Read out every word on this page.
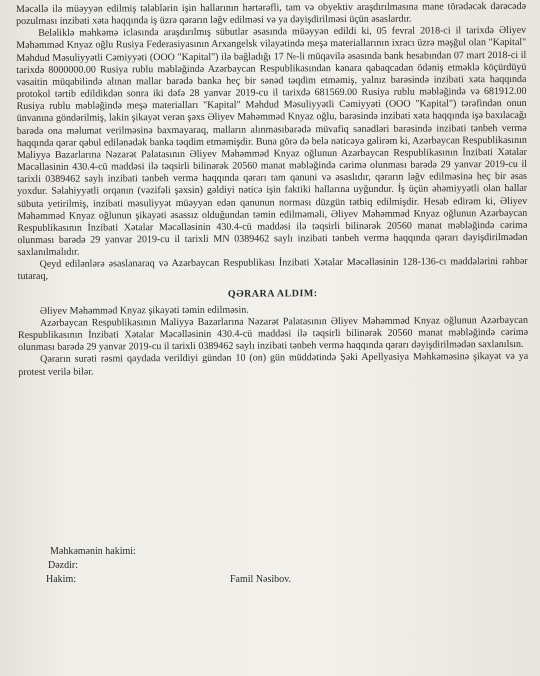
Məcəllə ilə müəyyən edilmiş tələblərin işin hallarının hərtərəfli, tam və obyektiv araşdırılmasına mane törədəcək dərəcədə pozulması inzibati xəta haqqında iş üzrə qərarın ləğv edilməsi və ya dəyişdirilməsi üçün əsaslardır.

Beləliklə məhkəmə iclasında araşdırılmış sübutlar əsasında müəyyən edildi ki, 05 fevral 2018-ci il tarixdə Əliyev Məhəmməd Knyaz oğlu Rusiya Federasiyasının Arxangelsk vilayətində meşə materiallarının ixracı üzrə məşğul olan "Kapital" Məhdud Məsuliyyətli Cəmiyyəti (OOO "Kapital") ilə bağladığı 17 №-li müqavilə əsasında bank hesabından 07 mart 2018-ci il tarixdə 8000000.00 Rusiya rublu məbləğində Azərbaycan Respublikasından kənara qabaqcadan ödəniş etməklə köçürdüyü vəsaitin müqabilində alınan mallar barədə banka heç bir sənəd təqdim etməmiş, yalnız barəsində inzibati xəta haqqında protokol tərtib edildikdən sonra iki dəfə 28 yanvar 2019-cu il tarixdə 681569.00 Rusiya rublu məbləğində və 681912.00 Rusiya rublu məbləğində meşə materialları "Kapital" Məhdud Məsuliyyətli Cəmiyyəti (OOO "Kapital") tərəfindən onun ünvanına göndərilmiş, lakin şikayət verən şəxs Əliyev Məhəmməd Knyaz oğlu, barəsində inzibati xəta haqqında işə baxılacağı barədə ona məlumat verilməsinə baxmayaraq, malların alınmasıbarədə müvafiq sənədləri barəsində inzibati tənbeh vermə haqqında qərar qəbul edilənədək banka təqdim etməmişdir. Buna görə də belə nəticəyə gəlirəm ki, Azərbaycan Respublikasının Maliyyə Bazarlarına Nəzarət Palatasının Əliyev Məhəmməd Knyaz oğlunun Azərbaycan Respublikasının İnzibati Xətalar Məcəlləsinin 430.4-cü maddəsi ilə təqsirli bilinərək 20560 manat məbləğində cərimə olunması barədə 29 yanvar 2019-cu il tarixli 0389462 saylı inzibati tənbeh vermə haqqında qərarı tam qanuni və əsaslıdır, qərarın ləğv edilməsinə heç bir əsas yoxdur. Səlahiyyətli orqanın (vəzifəli şəxsin) gəldiyi nəticə işin faktiki hallarına uyğundur. İş üçün əhəmiyyətli olan hallar sübuta yetirilmiş, inzibati məsuliyyət müəyyən edən qanunun norması düzgün tətbiq edilmişdir. Hesab edirəm ki, Əliyev Məhəmməd Knyaz oğlunun şikayəti əsassız olduğundan təmin edilməməli, Əliyev Məhəmməd Knyaz oğlunun Azərbaycan Respublikasının İnzibati Xətalar Məcəlləsinin 430.4-cü maddəsi ilə təqsirli bilinərək 20560 manat məbləğində cərimə olunması barədə 29 yanvar 2019-cu il tarixli MN 0389462 saylı inzibati tənbeh vermə haqqında qərarı dəyişdirilmədən saxlanılmalıdır.

Qeyd edilənlərə əsaslanaraq və Azərbaycan Respublikası İnzibati Xətalar Məcəlləsinin 128-136-cı maddələrini rəhbər tutaraq,

QƏRARA ALDIM:

Əliyev Məhəmməd Knyaz şikayəti təmin edilməsin.

Azərbaycan Respublikasının Maliyyə Bazarlarına Nəzarət Palatasının Əliyev Məhəmməd Knyaz oğlunun Azərbaycan Respublikasının İnzibati Xətalar Məcəlləsinin 430.4-cü maddəsi ilə təqsirli bilinərək 20560 manat məbləğində cərimə olunması barədə 29 yanvar 2019-cu il tarixli 0389462 saylı inzibati tənbeh vermə haqqında qərarı dəyişdirilmədən saxlanılsın.

Qərarın surəti rəsmi qaydada verildiyi gündən 10 (on) gün müddətində Şəki Apellyasiya Məhkəməsinə şikayət və ya protest verilə bilər.

Məhkəmənin hakimi:
Dəzdir:
Hakim:	Famil Nəsibov.
